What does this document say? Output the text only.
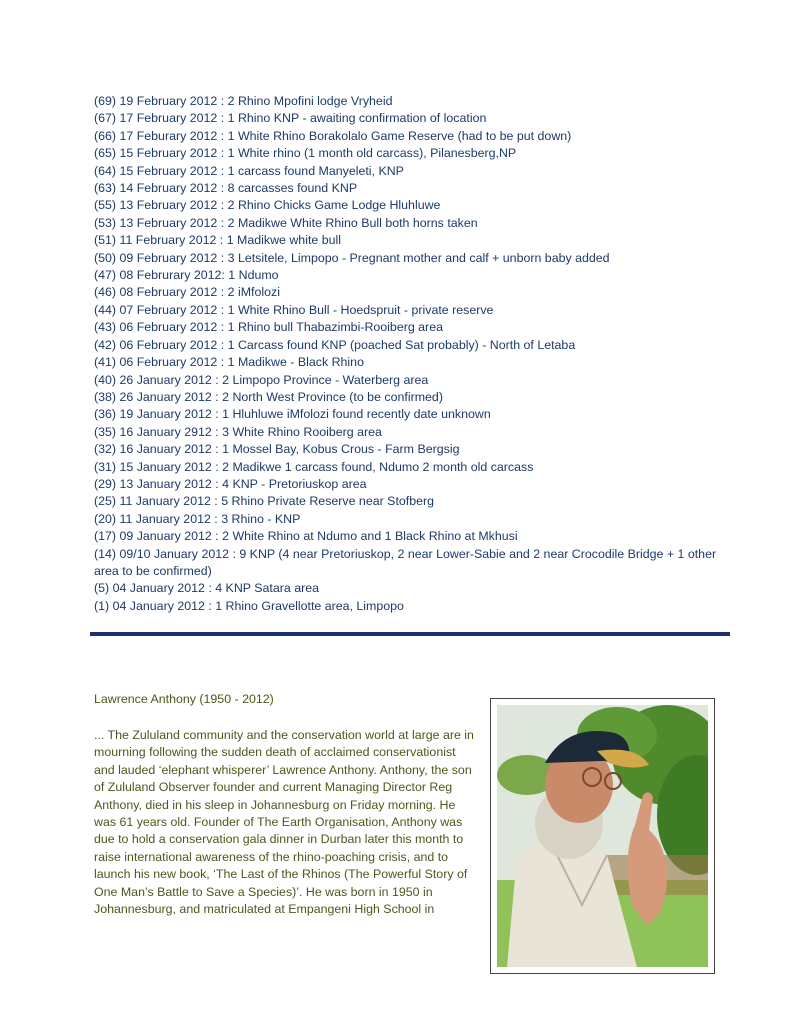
(69) 19 February 2012 : 2 Rhino Mpofini lodge Vryheid
(67) 17 February 2012 : 1 Rhino KNP - awaiting confirmation of location
(66) 17 Feburary 2012 : 1 White Rhino Borakolalo Game Reserve (had to be put down)
(65) 15 February 2012 : 1 White rhino (1 month old carcass), Pilanesberg,NP
(64) 15 February 2012 : 1 carcass found Manyeleti, KNP
(63) 14 February 2012 : 8 carcasses found KNP
(55) 13 February 2012 : 2 Rhino Chicks Game Lodge Hluhluwe
(53) 13 February 2012 : 2 Madikwe White Rhino Bull both horns taken
(51) 11 February 2012 : 1 Madikwe white bull
(50) 09 February 2012 : 3 Letsitele, Limpopo - Pregnant mother and calf + unborn baby added
(47) 08 Februrary 2012: 1 Ndumo
(46) 08 February 2012 : 2 iMfolozi
(44) 07 February 2012 : 1 White Rhino Bull - Hoedspruit - private reserve
(43) 06 February 2012 : 1 Rhino bull Thabazimbi-Rooiberg area
(42) 06 February 2012 : 1 Carcass found KNP (poached Sat probably) - North of Letaba
(41) 06 February 2012 : 1 Madikwe - Black Rhino
(40) 26 January 2012 : 2 Limpopo Province - Waterberg area
(38) 26 January 2012 : 2 North West Province (to be confirmed)
(36) 19 January 2012 : 1 Hluhluwe iMfolozi found recently date unknown
(35) 16 January 2912 : 3 White Rhino Rooiberg area
(32) 16 January 2012 : 1 Mossel Bay, Kobus Crous - Farm Bergsig
(31) 15 January 2012 : 2 Madikwe 1 carcass found, Ndumo 2 month old carcass
(29) 13 January 2012 : 4 KNP - Pretoriuskop area
(25) 11 January 2012 : 5 Rhino Private Reserve near Stofberg
(20) 11 January 2012 : 3 Rhino - KNP
(17) 09 January 2012 : 2 White Rhino at Ndumo and 1 Black Rhino at Mkhusi
(14) 09/10 January 2012 : 9 KNP (4 near Pretoriuskop, 2 near Lower-Sabie and 2 near Crocodile Bridge + 1 other area to be confirmed)
(5) 04 January 2012 : 4 KNP Satara area
(1) 04 January 2012 : 1 Rhino Gravellotte area, Limpopo
Lawrence Anthony (1950 - 2012)

... The Zululand community and the conservation world at large are in mourning following the sudden death of acclaimed conservationist and lauded ‘elephant whisperer’ Lawrence Anthony. Anthony, the son of Zululand Observer founder and current Managing Director Reg Anthony, died in his sleep in Johannesburg on Friday morning. He was 61 years old. Founder of The Earth Organisation, Anthony was due to hold a conservation gala dinner in Durban later this month to raise international awareness of the rhino-poaching crisis, and to launch his new book, ‘The Last of the Rhinos (The Powerful Story of One Man’s Battle to Save a Species)’. He was born in 1950 in Johannesburg, and matriculated at Empangeni High School in
